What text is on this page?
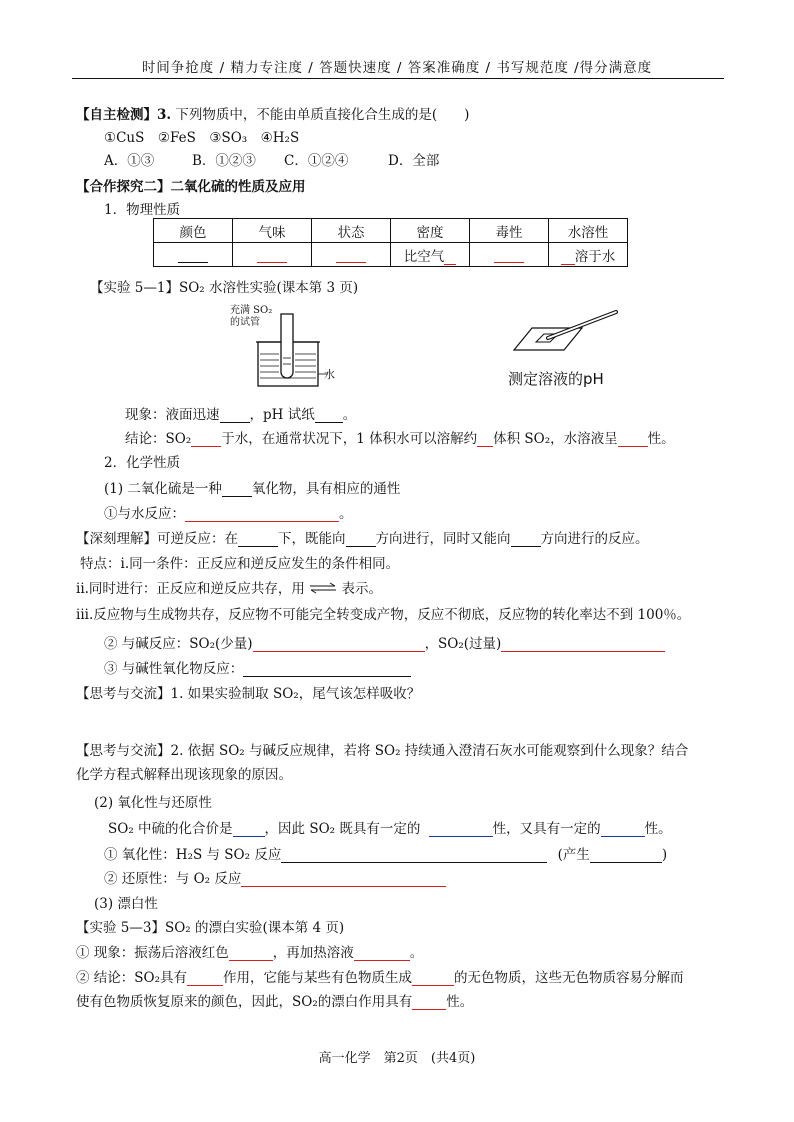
时间争抢度 / 精力专注度 / 答题快速度 / 答案准确度 / 书写规范度 /得分满意度
【自主检测】3. 下列物质中，不能由单质直接化合生成的是(　　)
①CuS　②FeS　③SO₃　④H₂S
A．①③	B．①②③ C．①②④	D．全部
【合作探究二】二氧化硫的性质及应用
1．物理性质
颜色	气味	状态	密度	毒性	水溶性
			比空气		溶于水
【实验 5—1】SO₂ 水溶性实验(课本第 3 页)
充满 SO₂
的试管
水	测定溶液的pH
现象：液面迅速 ，pH 试纸 。
结论：SO₂ 于水，在通常状况下，1 体积水可以溶解约 体积 SO₂，水溶液呈 性。
2．化学性质
(1) 二氧化硫是一种 氧化物，具有相应的通性
①与水反应：	。
【深刻理解】可逆反应：在	下，既能向 方向进行，同时又能向 方向进行的反应。
特点：i.同一条件：正反应和逆反应发生的条件相同。
ii.同时进行：正反应和逆反应共存，用 ⇌ 表示。
iii.反应物与生成物共存，反应物不可能完全转变成产物，反应不彻底，反应物的转化率达不到 100％。
② 与碱反应：SO₂(少量)	，SO₂(过量)
③ 与碱性氧化物反应：
【思考与交流】1. 如果实验制取 SO₂，尾气该怎样吸收？
【思考与交流】2. 依据 SO₂ 与碱反应规律，若将 SO₂ 持续通入澄清石灰水可能观察到什么现象？结合
化学方程式解释出现该现象的原因。
(2) 氧化性与还原性
SO₂ 中硫的化合价是 ，因此 SO₂ 既具有一定的	性，又具有一定的	性。
① 氧化性：H₂S 与 SO₂ 反应	(产生	)
② 还原性：与 O₂ 反应
(3) 漂白性
【实验 5—3】SO₂ 的漂白实验(课本第 4 页)
① 现象：振荡后溶液红色	，再加热溶液	。
② 结论：SO₂具有	作用，它能与某些有色物质生成	的无色物质，这些无色物质容易分解而
使有色物质恢复原来的颜色，因此，SO₂的漂白作用具有	性。
高一化学　第2页　(共4页)
